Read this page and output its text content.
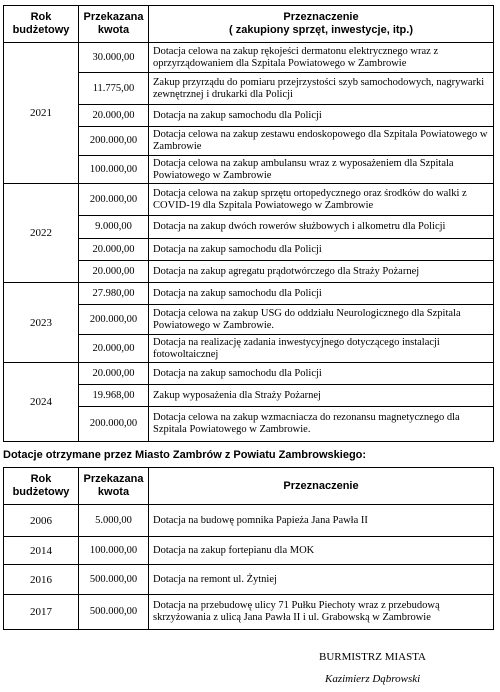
Rok budżetowy	Przekazana kwota	Przeznaczenie
( zakupiony sprzęt, inwestycje, itp.)

2021	30.000,00	Dotacja celowa na zakup rękojeści dermatonu elektrycznego wraz z oprzyrządowaniem dla Szpitala Powiatowego w Zambrowie
	11.775,00	Zakup przyrządu do pomiaru przejrzystości szyb samochodowych, nagrywarki zewnętrznej i drukarki dla Policji
	20.000,00	Dotacja na zakup samochodu dla Policji
	200.000,00	Dotacja celowa na zakup zestawu endoskopowego dla Szpitala Powiatowego w Zambrowie
	100.000,00	Dotacja celowa na zakup ambulansu wraz z wyposażeniem dla Szpitala Powiatowego w Zambrowie
2022	200.000,00	Dotacja celowa na zakup sprzętu ortopedycznego oraz środków do walki z COVID-19 dla Szpitala Powiatowego w Zambrowie
	9.000,00	Dotacja na zakup dwóch rowerów służbowych i alkometru dla Policji
	20.000,00	Dotacja na zakup samochodu dla Policji
	20.000,00	Dotacja na zakup agregatu prądotwórczego dla Straży Pożarnej
2023	27.980,00	Dotacja na zakup samochodu dla Policji
	200.000,00	Dotacja celowa na zakup USG do oddziału Neurologicznego dla Szpitala Powiatowego w Zambrowie.
	20.000,00	Dotacja na realizację zadania inwestycyjnego dotyczącego instalacji fotowoltaicznej
2024	20.000,00	Dotacja na zakup samochodu dla Policji
	19.968,00	Zakup wyposażenia dla Straży Pożarnej
	200.000,00	Dotacja celowa na zakup wzmacniacza do rezonansu magnetycznego dla Szpitala Powiatowego w Zambrowie.
Dotacje otrzymane przez Miasto Zambrów z Powiatu Zambrowskiego:
Rok budżetowy	Przekazana kwota	Przeznaczenie
2006	5.000,00	Dotacja na budowę pomnika Papieża Jana Pawła II
2014	100.000,00	Dotacja na zakup fortepianu dla MOK
2016	500.000,00	Dotacja na remont ul. Żytniej
2017	500.000,00	Dotacja na przebudowę ulicy 71 Pułku Piechoty wraz z przebudową skrzyżowania z ulicą Jana Pawła II i ul. Grabowską w Zambrowie
BURMISTRZ MIASTA
Kazimierz Dąbrowski
